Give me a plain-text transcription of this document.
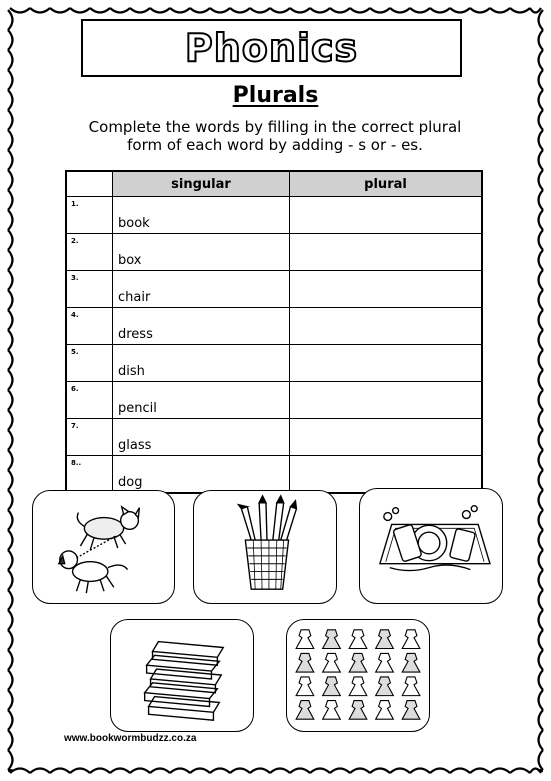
Phonics
Plurals
Complete the words by filling in the correct plural form of each word by adding - s or - es.
	singular	plural

1.	book	

2.	box	

3.	chair	

4.	dress	

5.	dish	

6.	pencil	

7.	glass	

8..	dog	
www.bookwormbudzz.co.za
